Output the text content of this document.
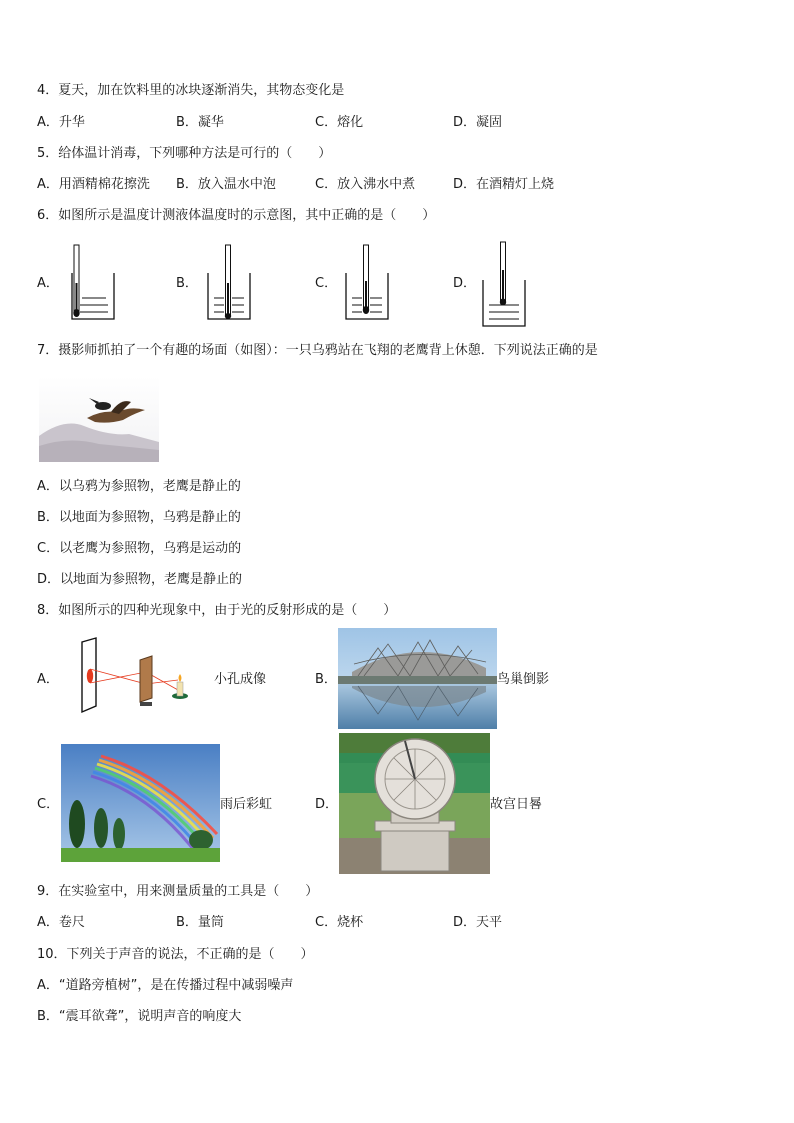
4．夏天，加在饮料里的冰块逐渐消失，其物态变化是
A．升华	B．凝华	C．熔化	D．凝固
5．给体温计消毒，下列哪种方法是可行的（　　）
A．用酒精棉花擦洗 B．放入温水中泡	C．放入沸水中煮	D．在酒精灯上烧
6．如图所示是温度计测液体温度时的示意图，其中正确的是（　　）
A．	B．	C．	D．
7．摄影师抓拍了一个有趣的场面（如图）：一只乌鸦站在飞翔的老鹰背上休憩．下列说法正确的是
A．以乌鸦为参照物，老鹰是静止的
B．以地面为参照物，乌鸦是静止的
C．以老鹰为参照物，乌鸦是运动的
D．以地面为参照物，老鹰是静止的
8．如图所示的四种光现象中，由于光的反射形成的是（　　）
A．	小孔成像	B．	鸟巢倒影
C．	雨后彩虹	D．	故宫日晷
9．在实验室中，用来测量质量的工具是（　　）
A．卷尺	B．量筒	C．烧杯	D．天平
10．下列关于声音的说法，不正确的是（　　）
A．“道路旁植树”，是在传播过程中减弱噪声
B．“震耳欲聋”，说明声音的响度大
